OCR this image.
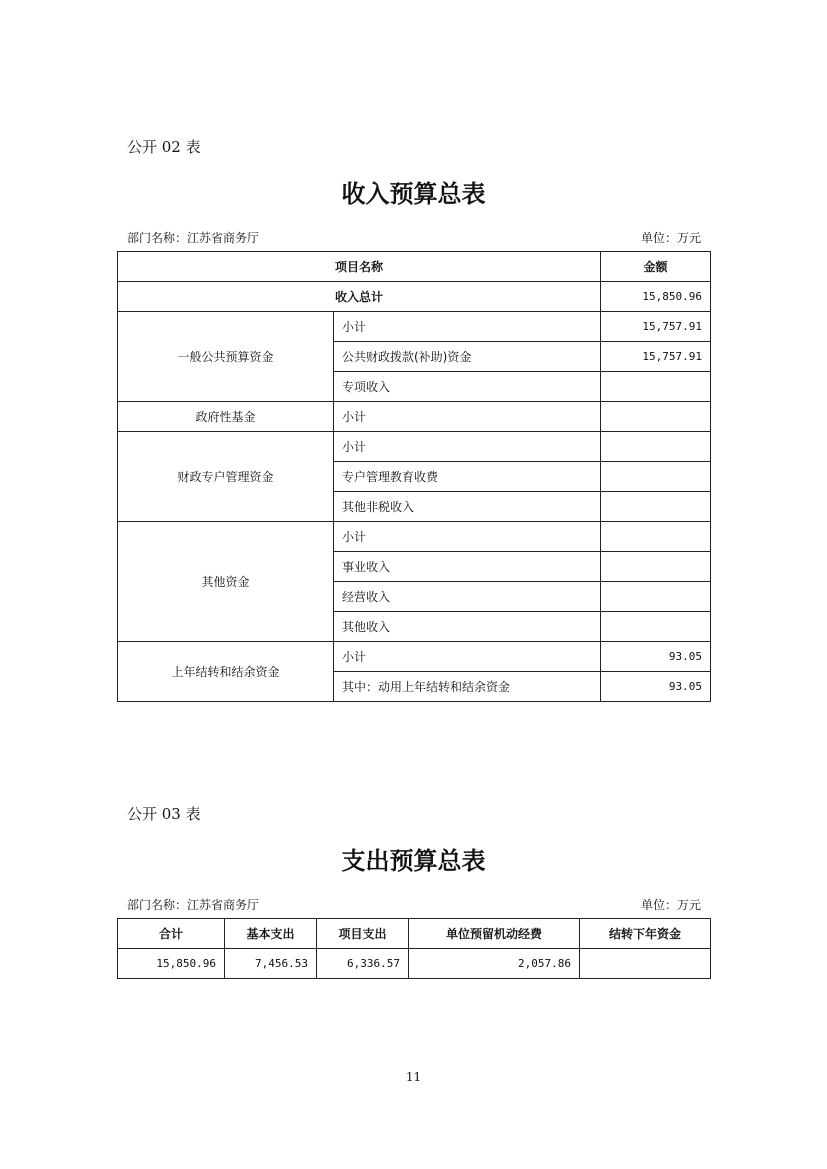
公开 02 表
收入预算总表
部门名称：江苏省商务厅	单位：万元
项目名称		金额
收入总计		15,850.96
一般公共预算资金	小计	15,757.91
	公共财政拨款(补助)资金	15,757.91
	专项收入	
政府性基金	小计	
财政专户管理资金	小计	
	专户管理教育收费	
	其他非税收入	
其他资金	小计	
	事业收入	
	经营收入	
	其他收入	
上年结转和结余资金	小计	93.05
	其中：动用上年结转和结余资金	93.05
公开 03 表
支出预算总表
部门名称：江苏省商务厅	单位：万元
合计	基本支出	项目支出	单位预留机动经费	结转下年资金
15,850.96	7,456.53	6,336.57	2,057.86	
11
